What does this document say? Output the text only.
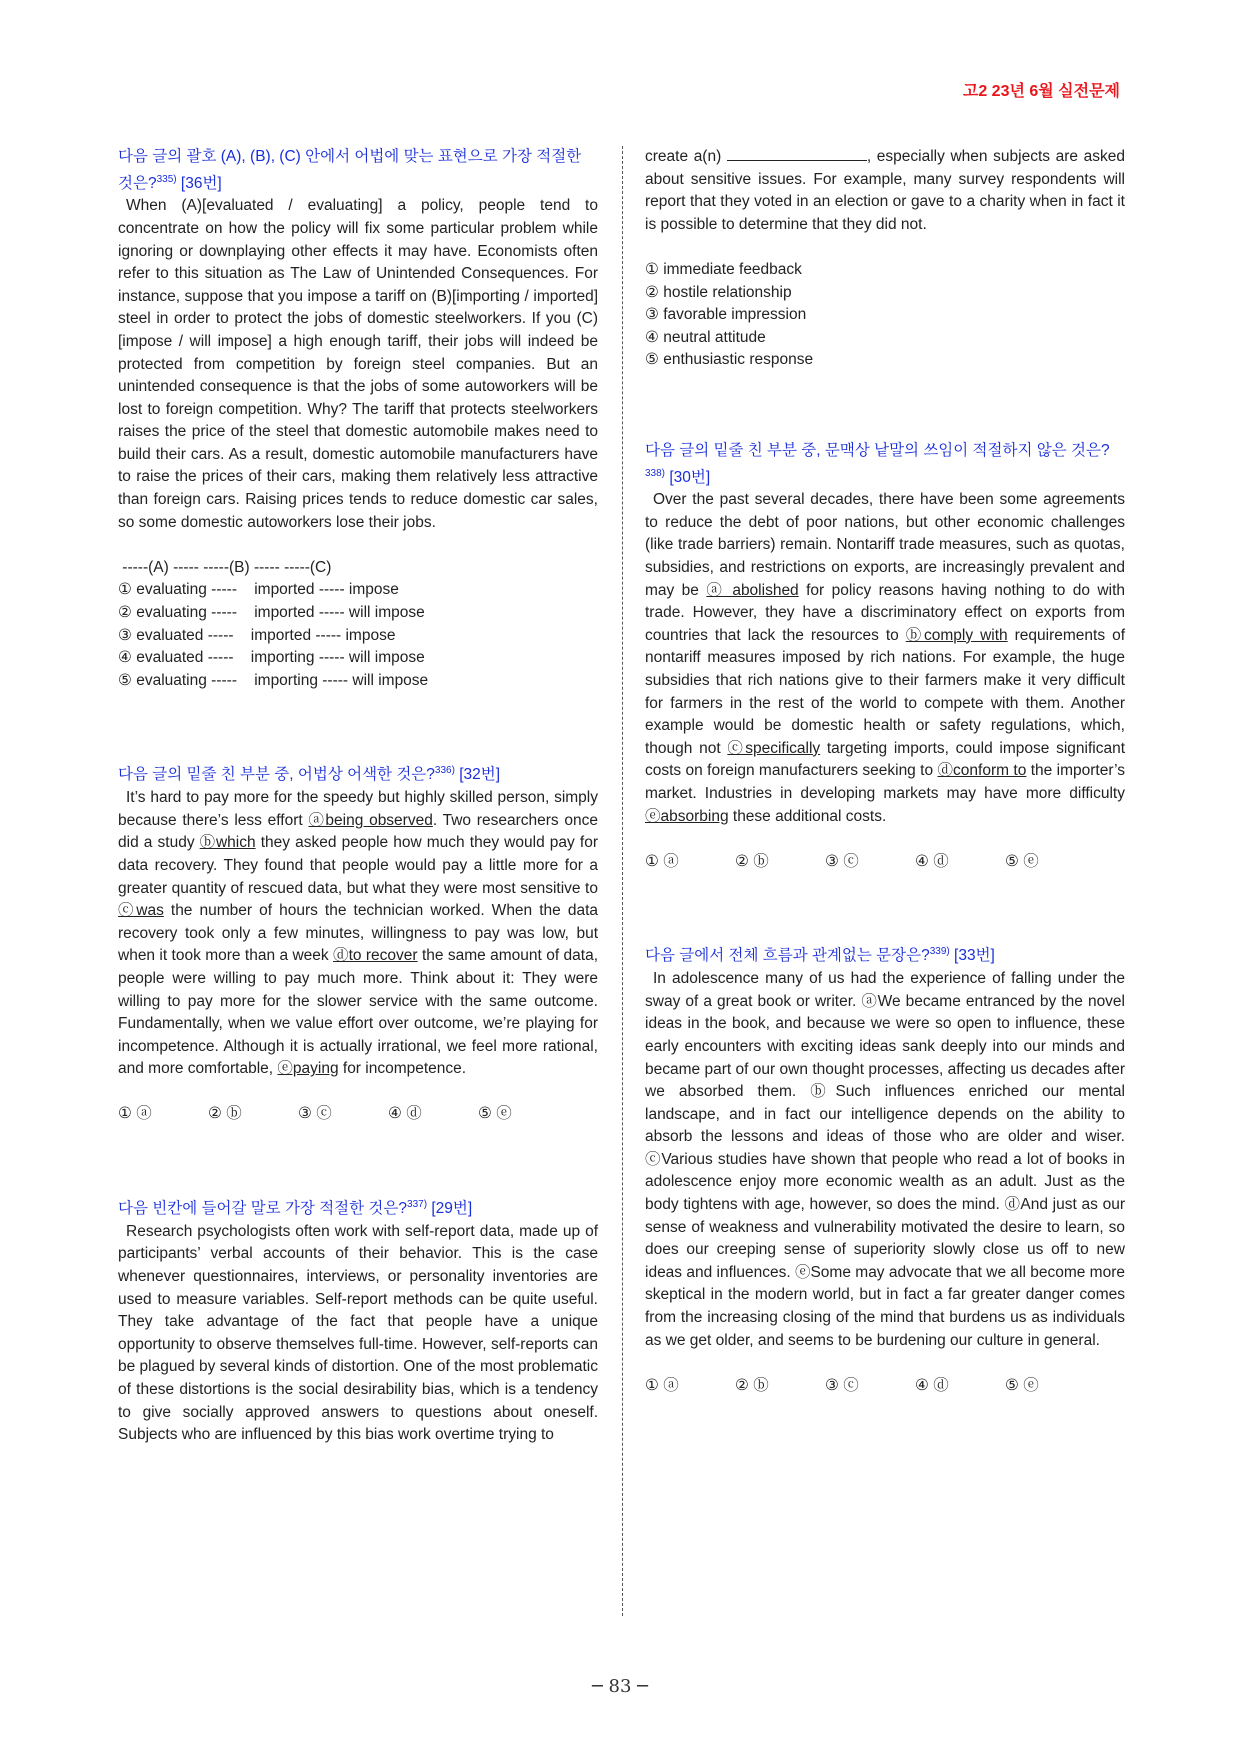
고2 23년 6월 실전문제
다음 글의 괄호 (A), (B), (C) 안에서 어법에 맞는 표현으로 가장 적절한 것은?$^{335)}$ [36번]
When (A)[evaluated / evaluating] a policy, people tend to concentrate on how the policy will fix some particular problem while ignoring or downplaying other effects it may have. Economists often refer to this situation as The Law of Unintended Consequences. For instance, suppose that you impose a tariff on (B)[importing / imported] steel in order to protect the jobs of domestic steelworkers. If you (C)[impose / will impose] a high enough tariff, their jobs will indeed be protected from competition by foreign steel companies. But an unintended consequence is that the jobs of some autoworkers will be lost to foreign competition. Why? The tariff that protects steelworkers raises the price of the steel that domestic automobile makes need to build their cars. As a result, domestic automobile manufacturers have to raise the prices of their cars, making them relatively less attractive than foreign cars. Raising prices tends to reduce domestic car sales, so some domestic autoworkers lose their jobs.
-----(A) ----- -----(B) ----- -----(C)
① evaluating -----    imported ----- impose
② evaluating -----    imported ----- will impose
③ evaluated -----    imported ----- impose
④ evaluated -----    importing ----- will impose
⑤ evaluating -----    importing ----- will impose
다음 글의 밑줄 친 부분 중, 어법상 어색한 것은?$^{336)}$ [32번]
It’s hard to pay more for the speedy but highly skilled person, simply because there’s less effort ⓐbeing observed. Two researchers once did a study ⓑwhich they asked people how much they would pay for data recovery. They found that people would pay a little more for a greater quantity of rescued data, but what they were most sensitive to ⓒwas the number of hours the technician worked. When the data recovery took only a few minutes, willingness to pay was low, but when it took more than a week ⓓto recover the same amount of data, people were willing to pay much more. Think about it: They were willing to pay more for the slower service with the same outcome. Fundamentally, when we value effort over outcome, we’re playing for incompetence. Although it is actually irrational, we feel more rational, and more comfortable, ⓔpaying for incompetence.
① ⓐ	② ⓑ	③ ⓒ	④ ⓓ	⑤ ⓔ
다음 빈칸에 들어갈 말로 가장 적절한 것은?$^{337)}$ [29번]
Research psychologists often work with self-report data, made up of participants’ verbal accounts of their behavior. This is the case whenever questionnaires, interviews, or personality inventories are used to measure variables. Self-report methods can be quite useful. They take advantage of the fact that people have a unique opportunity to observe themselves full-time. However, self-reports can be plagued by several kinds of distortion. One of the most problematic of these distortions is the social desirability bias, which is a tendency to give socially approved answers to questions about oneself. Subjects who are influenced by this bias work overtime trying to
create a(n)	, especially when subjects are asked about sensitive issues. For example, many survey respondents will report that they voted in an election or gave to a charity when in fact it is possible to determine that they did not.
① immediate feedback
② hostile relationship
③ favorable impression
④ neutral attitude
⑤ enthusiastic response
다음 글의 밑줄 친 부분 중, 문맥상 낱말의 쓰임이 적절하지 않은 것은?$^{338)}$ [30번]
Over the past several decades, there have been some agreements to reduce the debt of poor nations, but other economic challenges (like trade barriers) remain. Nontariff trade measures, such as quotas, subsidies, and restrictions on exports, are increasingly prevalent and may be ⓐ abolished for policy reasons having nothing to do with trade. However, they have a discriminatory effect on exports from countries that lack the resources to ⓑcomply with requirements of nontariff measures imposed by rich nations. For example, the huge subsidies that rich nations give to their farmers make it very difficult for farmers in the rest of the world to compete with them. Another example would be domestic health or safety regulations, which, though not ⓒspecifically targeting imports, could impose significant costs on foreign manufacturers seeking to ⓓconform to the importer’s market. Industries in developing markets may have more difficulty ⓔabsorbing these additional costs.
① ⓐ	② ⓑ	③ ⓒ	④ ⓓ	⑤ ⓔ
다음 글에서 전체 흐름과 관계없는 문장은?$^{339)}$ [33번]
In adolescence many of us had the experience of falling under the sway of a great book or writer. ⓐWe became entranced by the novel ideas in the book, and because we were so open to influence, these early encounters with exciting ideas sank deeply into our minds and became part of our own thought processes, affecting us decades after we absorbed them. ⓑSuch influences enriched our mental landscape, and in fact our intelligence depends on the ability to absorb the lessons and ideas of those who are older and wiser. ⓒVarious studies have shown that people who read a lot of books in adolescence enjoy more economic wealth as an adult. Just as the body tightens with age, however, so does the mind. ⓓAnd just as our sense of weakness and vulnerability motivated the desire to learn, so does our creeping sense of superiority slowly close us off to new ideas and influences. ⓔSome may advocate that we all become more skeptical in the modern world, but in fact a far greater danger comes from the increasing closing of the mind that burdens us as individuals as we get older, and seems to be burdening our culture in general.
① ⓐ	② ⓑ	③ ⓒ	④ ⓓ	⑤ ⓔ
─ 83 ─
